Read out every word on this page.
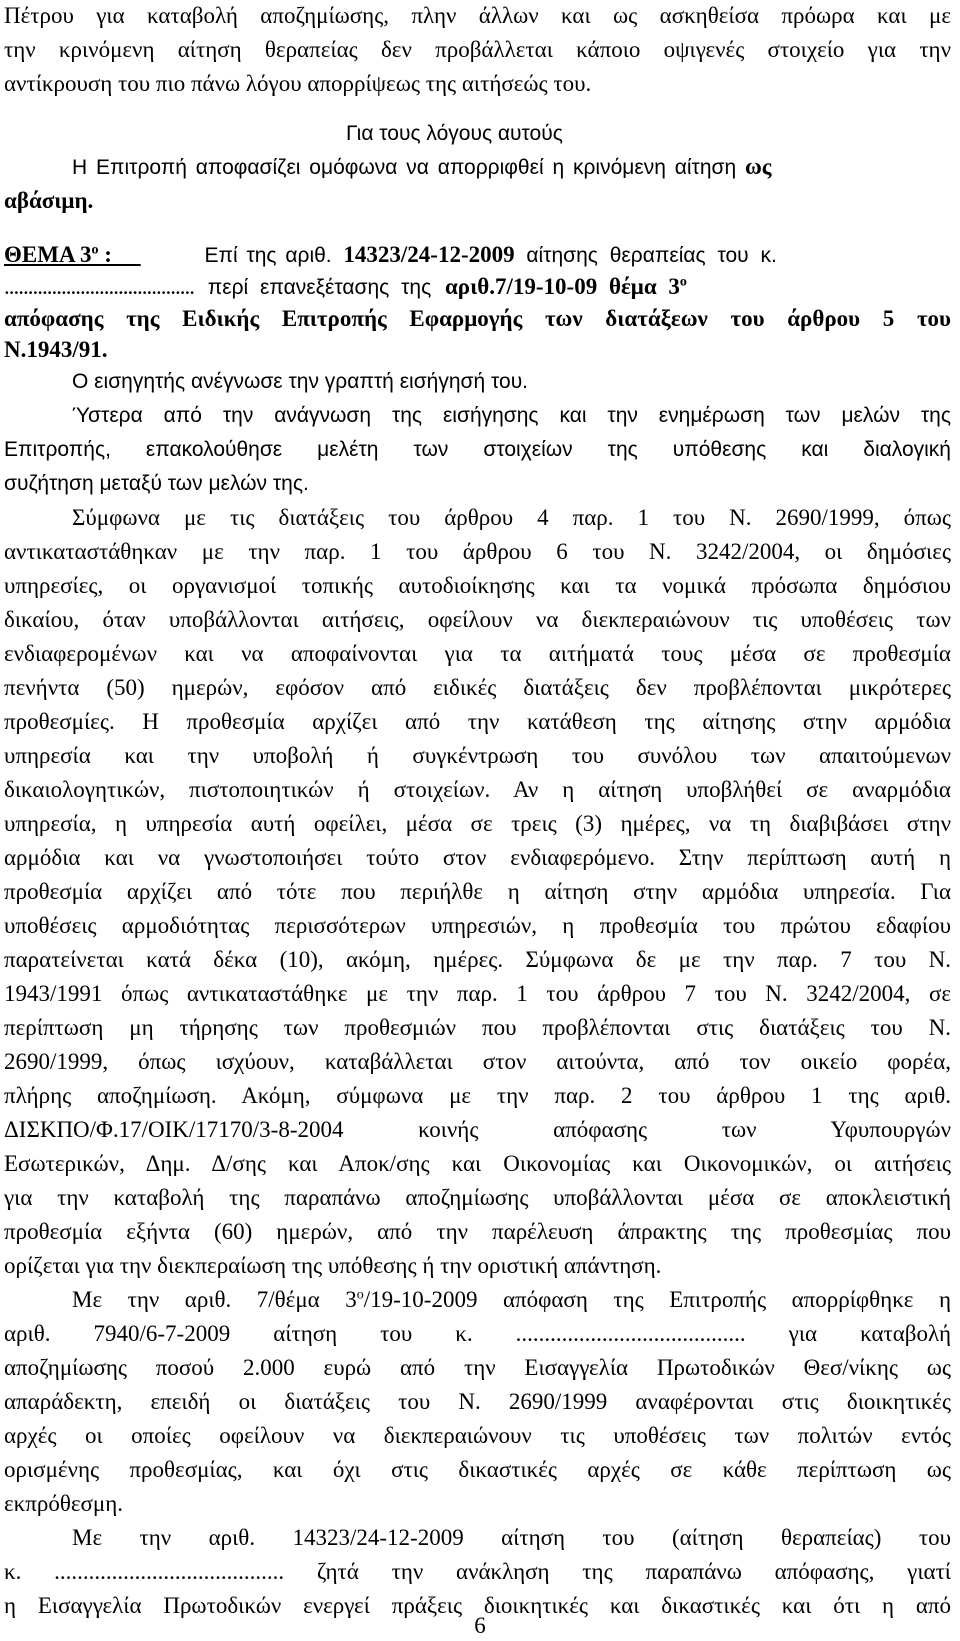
Πέτρου για καταβολή αποζημίωσης, πλην άλλων και ως ασκηθείσα πρόωρα και με
την κρινόμενη αίτηση θεραπείας δεν προβάλλεται κάποιο οψιγενές στοιχείο για την
αντίκρουση του πιο πάνω λόγου απορρίψεως της αιτήσεώς του.
Για τους λόγους αυτούς
Η Επιτροπή αποφασίζει ομόφωνα να απορριφθεί η κρινόμενη αίτηση ως
αβάσιμη.
ΘΕΜΑ $3^o$ :	Επί της αριθ. 14323/24-12-2009 αίτησης θεραπείας του κ.
........................................ περί επανεξέτασης της αριθ.7/19-10-09 θέμα $3^o$
απόφασης της Ειδικής Επιτροπής Εφαρμογής των διατάξεων του άρθρου 5 του
Ν.1943/91.
Ο εισηγητής ανέγνωσε την γραπτή εισήγησή του.
Ύστερα από την ανάγνωση της εισήγησης και την ενημέρωση των μελών της
Επιτροπής, επακολούθησε μελέτη των στοιχείων της υπόθεσης και διαλογική
συζήτηση μεταξύ των μελών της.
Σύμφωνα με τις διατάξεις του άρθρου 4 παρ. 1 του Ν. 2690/1999, όπως
αντικαταστάθηκαν με την παρ. 1 του άρθρου 6 του Ν. 3242/2004, οι δημόσιες
υπηρεσίες, οι οργανισμοί τοπικής αυτοδιοίκησης και τα νομικά πρόσωπα δημόσιου
δικαίου, όταν υποβάλλονται αιτήσεις, οφείλουν να διεκπεραιώνουν τις υποθέσεις των
ενδιαφερομένων και να αποφαίνονται για τα αιτήματά τους μέσα σε προθεσμία
πενήντα (50) ημερών, εφόσον από ειδικές διατάξεις δεν προβλέπονται μικρότερες
προθεσμίες. Η προθεσμία αρχίζει από την κατάθεση της αίτησης στην αρμόδια
υπηρεσία και την υποβολή ή συγκέντρωση του συνόλου των απαιτούμενων
δικαιολογητικών, πιστοποιητικών ή στοιχείων. Αν η αίτηση υποβλήθεί σε αναρμόδια
υπηρεσία, η υπηρεσία αυτή οφείλει, μέσα σε τρεις (3) ημέρες, να τη διαβιβάσει στην
αρμόδια και να γνωστοποιήσει τούτο στον ενδιαφερόμενο. Στην περίπτωση αυτή η
προθεσμία αρχίζει από τότε που περιήλθε η αίτηση στην αρμόδια υπηρεσία. Για
υποθέσεις αρμοδιότητας περισσότερων υπηρεσιών, η προθεσμία του πρώτου εδαφίου
παρατείνεται κατά δέκα (10), ακόμη, ημέρες. Σύμφωνα δε με την παρ. 7 του Ν.
1943/1991 όπως αντικαταστάθηκε με την παρ. 1 του άρθρου 7 του Ν. 3242/2004, σε
περίπτωση μη τήρησης των προθεσμιών που προβλέπονται στις διατάξεις του Ν.
2690/1999, όπως ισχύουν, καταβάλλεται στον αιτούντα, από τον οικείο φορέα,
πλήρης αποζημίωση. Ακόμη, σύμφωνα με την παρ. 2 του άρθρου 1 της αριθ.
ΔΙΣΚΠΟ/Φ.17/ΟΙΚ/17170/3-8-2004     κοινής     απόφασης     των     Υφυπουργών
Εσωτερικών, Δημ. Δ/σης και Αποκ/σης και Οικονομίας και Οικονομικών, οι αιτήσεις
για την καταβολή της παραπάνω αποζημίωσης υποβάλλονται μέσα σε αποκλειστική
προθεσμία εξήντα (60) ημερών, από την παρέλευση άπρακτης της προθεσμίας που
ορίζεται για την διεκπεραίωση της υπόθεσης ή την οριστική απάντηση.
Με την αριθ. 7/θέμα $3^o/19-10-2009$ απόφαση της Επιτροπής απορρίφθηκε η
αριθ. 7940/6-7-2009 αίτηση του κ. ........................................ για καταβολή
αποζημίωσης ποσού 2.000 ευρώ από την Εισαγγελία Πρωτοδικών Θεσ/νίκης ως
απαράδεκτη, επειδή οι διατάξεις του Ν. 2690/1999 αναφέρονται στις διοικητικές
αρχές οι οποίες οφείλουν να διεκπεραιώνουν τις υποθέσεις των πολιτών εντός
ορισμένης προθεσμίας, και όχι στις δικαστικές αρχές σε κάθε περίπτωση ως
εκπρόθεσμη.
Με την αριθ. 14323/24-12-2009 αίτηση του (αίτηση θεραπείας) του
κ. ........................................ ζητά την ανάκληση της παραπάνω απόφασης, γιατί
η Εισαγγελία Πρωτοδικών ενεργεί πράξεις διοικητικές και δικαστικές και ότι η από
6
